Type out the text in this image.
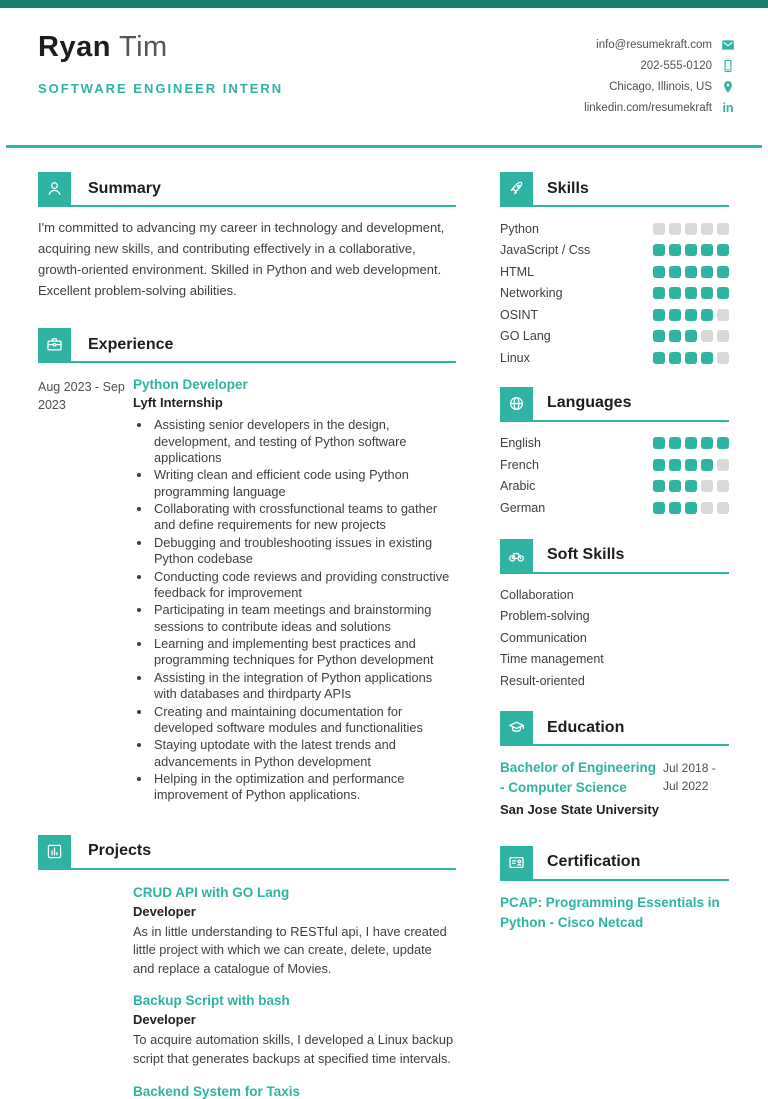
Ryan Tim
SOFTWARE ENGINEER INTERN
info@resumekraft.com
202-555-0120
Chicago, Illinois, US
linkedin.com/resumekraft in
Summary

I'm committed to advancing my career in technology and development, acquiring new skills, and contributing effectively in a collaborative, growth-oriented environment. Skilled in Python and web development. Excellent problem-solving abilities.

Experience
Aug 2023 - Sep 2023
Python Developer
Lyft Internship
• Assisting senior developers in the design, development, and testing of Python software applications
• Writing clean and efficient code using Python programming language
• Collaborating with crossfunctional teams to gather and define requirements for new projects
• Debugging and troubleshooting issues in existing Python codebase
• Conducting code reviews and providing constructive feedback for improvement
• Participating in team meetings and brainstorming sessions to contribute ideas and solutions
• Learning and implementing best practices and programming techniques for Python development
• Assisting in the integration of Python applications with databases and thirdparty APIs
• Creating and maintaining documentation for developed software modules and functionalities
• Staying uptodate with the latest trends and advancements in Python development
• Helping in the optimization and performance improvement of Python applications.
Projects
CRUD API with GO Lang
Developer
As in little understanding to RESTful api, I have created little project with which we can create, delete, update and replace a catalogue of Movies.
Backup Script with bash
Developer
To acquire automation skills, I developed a Linux backup script that generates backups at specified time intervals.
Backend System for Taxis
Skills
Python
JavaScript / Css
HTML
Networking
OSINT
GO Lang
Linux
Languages
English
French
Arabic
German
Soft Skills
Collaboration
Problem-solving
Communication
Time management
Result-oriented
Education
Bachelor of Engineering - Computer Science
Jul 2018 - Jul 2022
San Jose State University
Certification
PCAP: Programming Essentials in Python - Cisco Netcad
